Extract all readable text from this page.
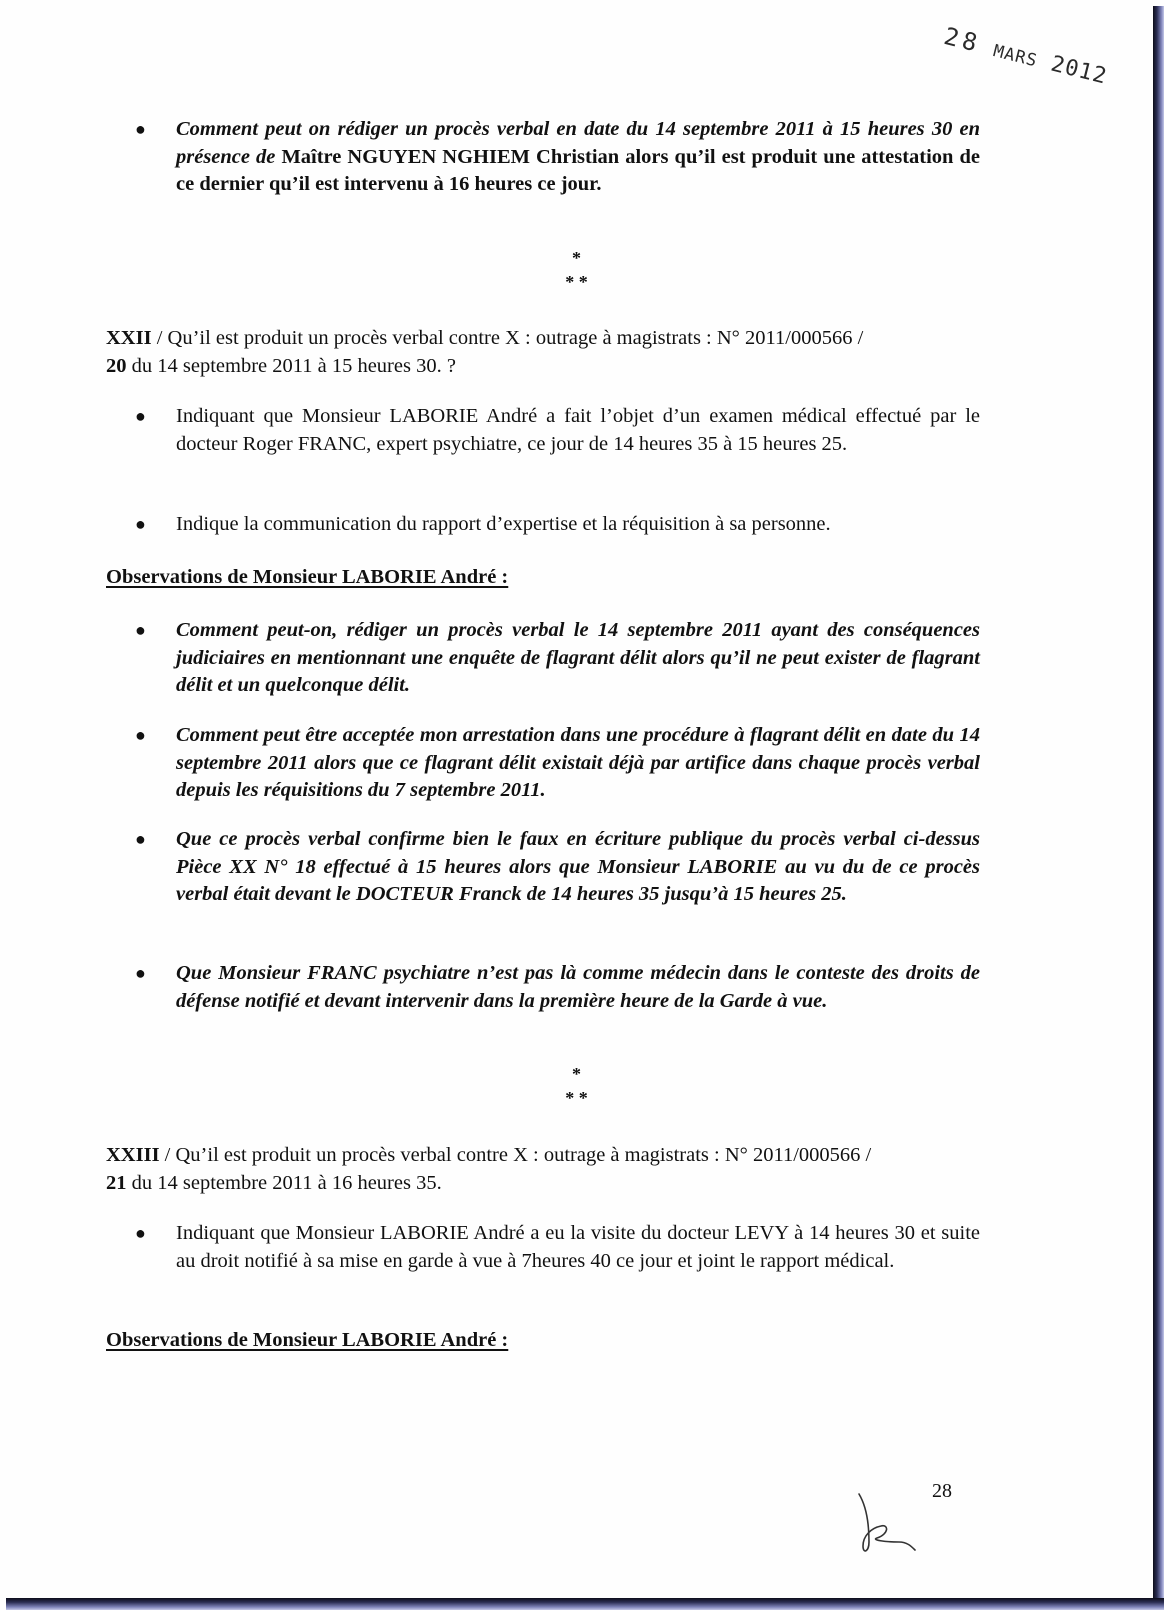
28 MARS 2012
● Comment peut on rédiger un procès verbal en date du 14 septembre 2011 à 15 heures 30 en présence de Maître NGUYEN NGHIEM Christian alors qu’il est produit une attestation de ce dernier qu’il est intervenu à 16 heures ce jour.
*
* *
XXII / Qu’il est produit un procès verbal contre X : outrage à magistrats : N° 2011/000566 /
20 du 14 septembre 2011 à 15 heures 30. ?
● Indiquant que Monsieur LABORIE André a fait l’objet d’un examen médical effectué par le docteur Roger FRANC, expert psychiatre, ce jour de 14 heures 35 à 15 heures 25.
● Indique la communication du rapport d’expertise et la réquisition à sa personne.
Observations de Monsieur LABORIE André :
● Comment peut-on, rédiger un procès verbal le 14 septembre 2011 ayant des conséquences judiciaires en mentionnant une enquête de flagrant délit alors qu’il ne peut exister de flagrant délit et un quelconque délit.
● Comment peut être acceptée mon arrestation dans une procédure à flagrant délit en date du 14 septembre 2011 alors que ce flagrant délit existait déjà par artifice dans chaque procès verbal depuis les réquisitions du 7 septembre 2011.
● Que ce procès verbal confirme bien le faux en écriture publique du procès verbal ci-dessus Pièce XX N° 18 effectué à 15 heures alors que Monsieur LABORIE au vu du de ce procès verbal était devant le DOCTEUR Franck de 14 heures 35 jusqu’à 15 heures 25.
● Que Monsieur FRANC psychiatre n’est pas là comme médecin dans le conteste des droits de défense notifié et devant intervenir dans la première heure de la Garde à vue.
*
* *
XXIII / Qu’il est produit un procès verbal contre X : outrage à magistrats : N° 2011/000566 /
21 du 14 septembre 2011 à 16 heures 35.
● Indiquant que Monsieur LABORIE André a eu la visite du docteur LEVY à 14 heures 30 et suite au droit notifié à sa mise en garde à vue à 7heures 40 ce jour et joint le rapport médical.
Observations de Monsieur LABORIE André :
28
